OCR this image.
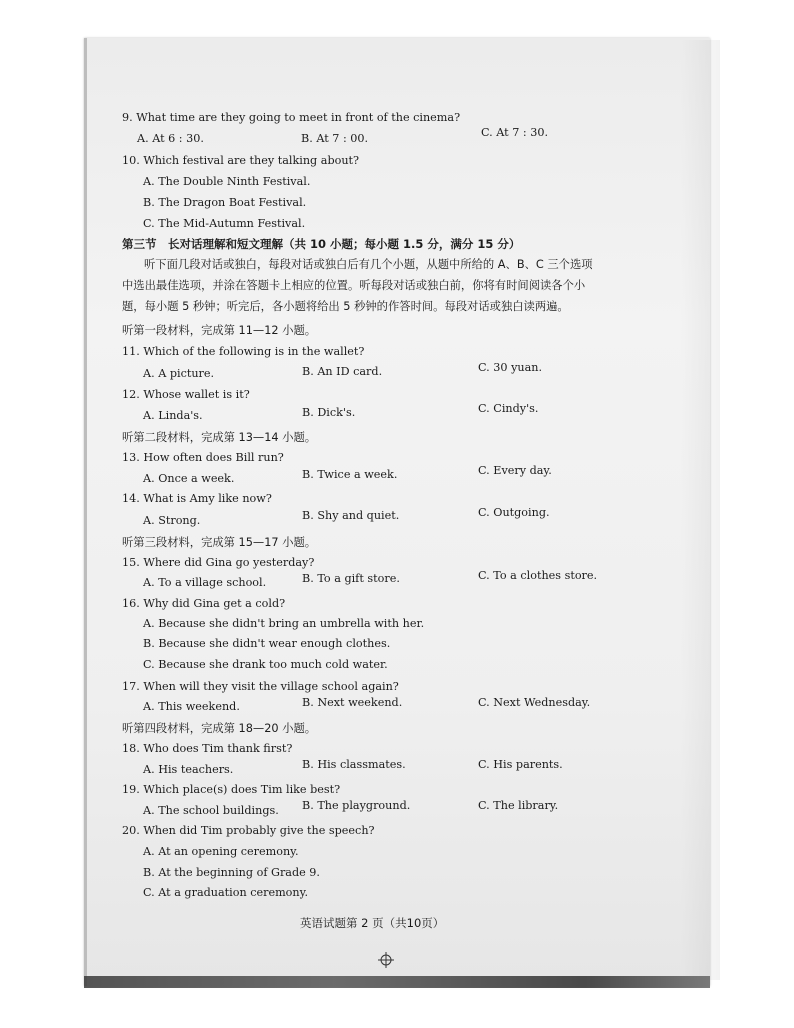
9. What time are they going to meet in front of the cinema?
A. At 6 : 30.	B. At 7 : 00.	C. At 7 : 30.
10. Which festival are they talking about?
A. The Double Ninth Festival.
B. The Dragon Boat Festival.
C. The Mid-Autumn Festival.
第三节　长对话理解和短文理解（共 10 小题；每小题 1.5 分，满分 15 分）
听下面几段对话或独白，每段对话或独白后有几个小题，从题中所给的 A、B、C 三个选项
中选出最佳选项，并涂在答题卡上相应的位置。听每段对话或独白前，你将有时间阅读各个小
题，每小题 5 秒钟；听完后，各小题将给出 5 秒钟的作答时间。每段对话或独白读两遍。
听第一段材料，完成第 11—12 小题。
11. Which of the following is in the wallet?
A. A picture.	B. An ID card.	C. 30 yuan.
12. Whose wallet is it?
A. Linda's.	B. Dick's.	C. Cindy's.
听第二段材料，完成第 13—14 小题。
13. How often does Bill run?
A. Once a week.	B. Twice a week.	C. Every day.
14. What is Amy like now?
A. Strong.	B. Shy and quiet.	C. Outgoing.
听第三段材料，完成第 15—17 小题。
15. Where did Gina go yesterday?
A. To a village school.	B. To a gift store.	C. To a clothes store.
16. Why did Gina get a cold?
A. Because she didn't bring an umbrella with her.
B. Because she didn't wear enough clothes.
C. Because she drank too much cold water.
17. When will they visit the village school again?
A. This weekend.	B. Next weekend.	C. Next Wednesday.
听第四段材料，完成第 18—20 小题。
18. Who does Tim thank first?
A. His teachers.	B. His classmates.	C. His parents.
19. Which place(s) does Tim like best?
A. The school buildings. B. The playground.	C. The library.
20. When did Tim probably give the speech?
A. At an opening ceremony.
B. At the beginning of Grade 9.
C. At a graduation ceremony.
英语试题第 2 页（共10页）
